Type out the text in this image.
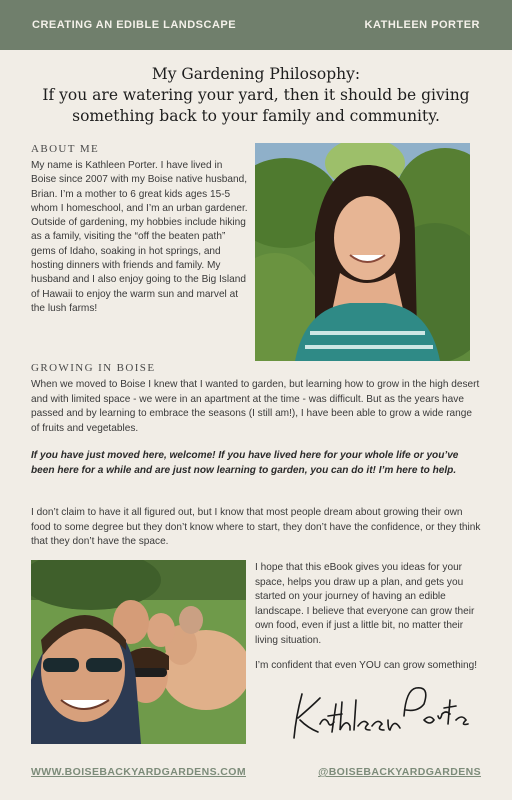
CREATING AN EDIBLE LANDSCAPE	KATHLEEN PORTER
My Gardening Philosophy:
If you are watering your yard, then it should be giving something back to your family and community.
ABOUT ME
My name is Kathleen Porter. I have lived in Boise since 2007 with my Boise native husband, Brian. I’m a mother to 6 great kids ages 15-5 whom I homeschool, and I’m an urban gardener. Outside of gardening, my hobbies include hiking as a family, visiting the “off the beaten path” gems of Idaho, soaking in hot springs, and hosting dinners with friends and family. My husband and I also enjoy going to the Big Island of Hawaii to enjoy the warm sun and marvel at the lush farms!
GROWING IN BOISE
When we moved to Boise I knew that I wanted to garden, but learning how to grow in the high desert and with limited space - we were in an apartment at the time - was difficult. But as the years have passed and by learning to embrace the seasons (I still am!), I have been able to grow a wide range of fruits and vegetables.
If you have just moved here, welcome! If you have lived here for your whole life or you’ve been here for a while and are just now learning to garden, you can do it! I’m here to help.
I don’t claim to have it all figured out, but I know that most people dream about growing their own food to some degree but they don’t know where to start, they don’t have the confidence, or they think that they don’t have the space.
I hope that this eBook gives you ideas for your space, helps you draw up a plan, and gets you started on your journey of having an edible landscape. I believe that everyone can grow their own food, even if just a little bit, no matter their living situation.
I’m confident that even YOU can grow something!
WWW.BOISEBACKYARDGARDENS.COM	@BOISEBACKYARDGARDENS
